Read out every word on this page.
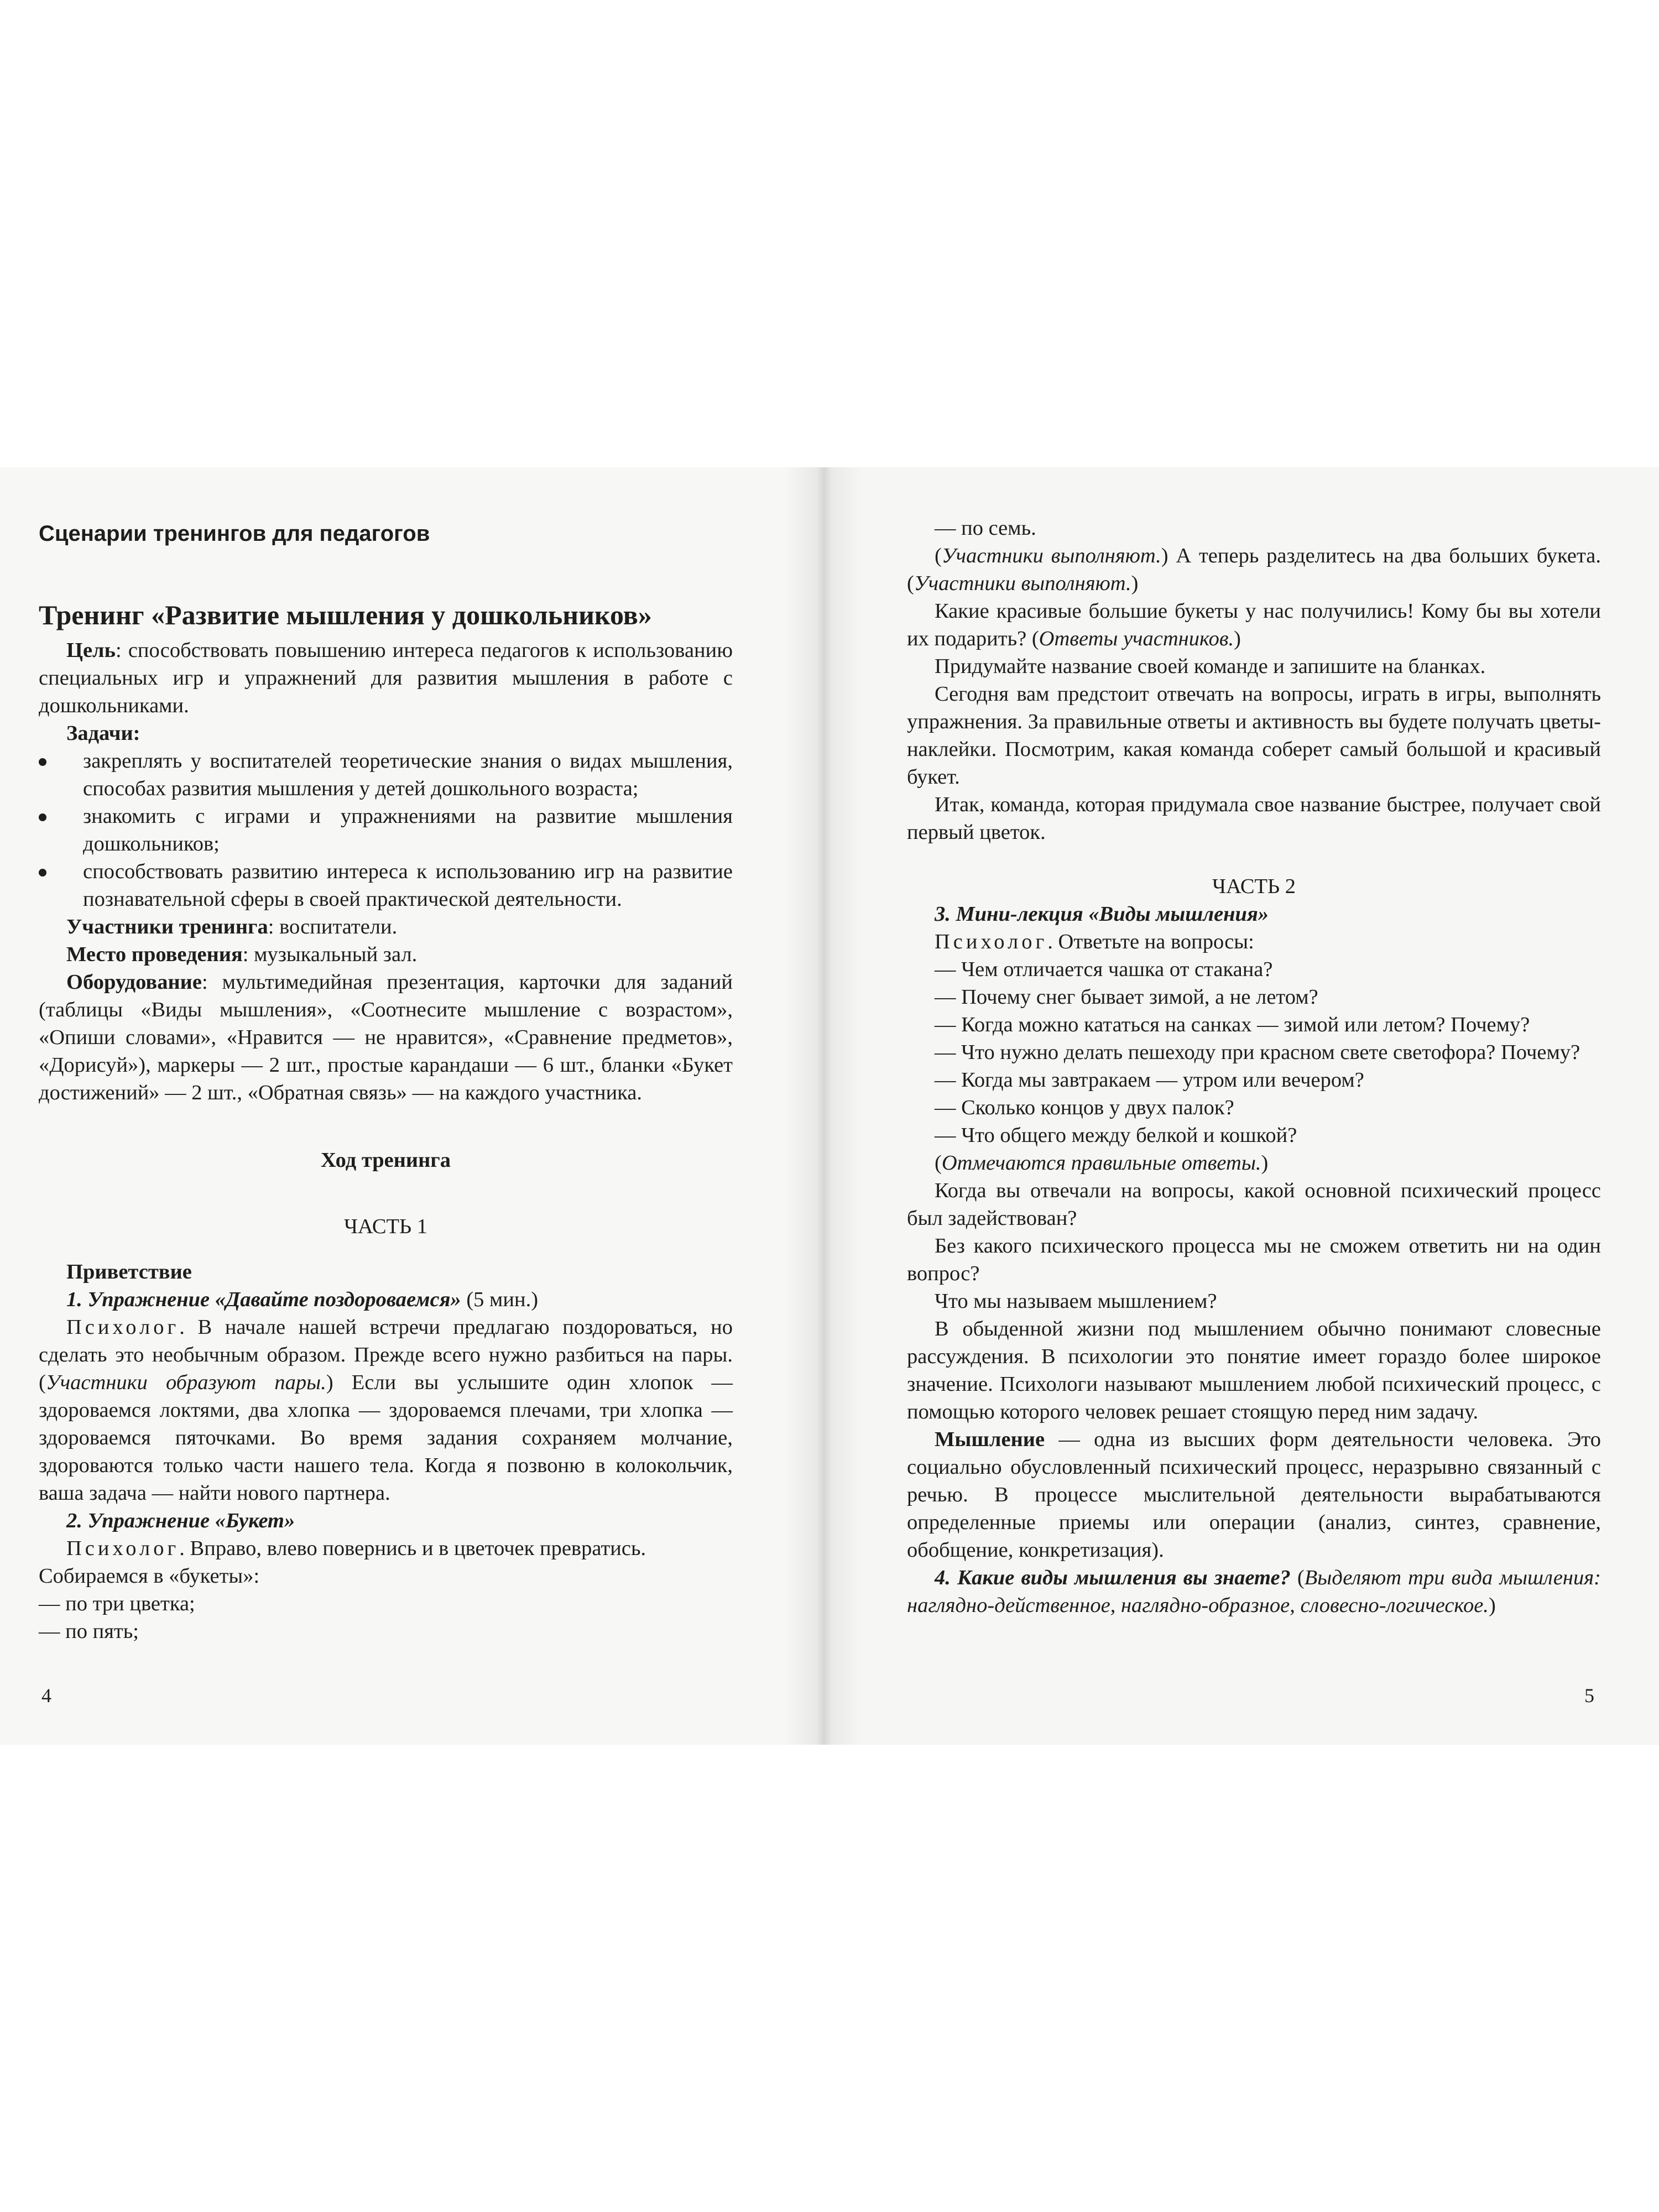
Сценарии тренингов для педагогов

Тренинг «Развитие мышления у дошкольников»

Цель: способствовать повышению интереса педагогов к использованию специальных игр и упражнений для развития мышления в работе с дошкольниками.

Задачи:

закреплять у воспитателей теоретические знания о видах мышления, способах развития мышления у детей дошкольного возраста;
знакомить с играми и упражнениями на развитие мышления дошкольников;
способствовать развитию интереса к использованию игр на развитие познавательной сферы в своей практической деятельности.

Участники тренинга: воспитатели.

Место проведения: музыкальный зал.

Оборудование: мультимедийная презентация, карточки для заданий (таблицы «Виды мышления», «Соотнесите мышление с возрастом», «Опиши словами», «Нравится — не нравится», «Сравнение предметов», «Дорисуй»), маркеры — 2 шт., простые карандаши — 6 шт., бланки «Букет достижений» — 2 шт., «Обратная связь» — на каждого участника.

Ход тренинга

ЧАСТЬ 1

Приветствие

1. Упражнение «Давайте поздороваемся» (5 мин.)

Психолог. В начале нашей встречи предлагаю поздороваться, но сделать это необычным образом. Прежде всего нужно разбиться на пары. (Участники образуют пары.) Если вы услышите один хлопок — здороваемся локтями, два хлопка — здороваемся плечами, три хлопка — здороваемся пяточками. Во время задания сохраняем молчание, здороваются только части нашего тела. Когда я позвоню в колокольчик, ваша задача — найти нового партнера.

2. Упражнение «Букет»

Психолог. Вправо, влево повернись и в цветочек превратись.

Собираемся в «букеты»:

— по три цветка;

— по пять;

4

— по семь.

(Участники выполняют.) А теперь разделитесь на два больших букета. (Участники выполняют.)

Какие красивые большие букеты у нас получились! Кому бы вы хотели их подарить? (Ответы участников.)

Придумайте название своей команде и запишите на бланках.

Сегодня вам предстоит отвечать на вопросы, играть в игры, выполнять упражнения. За правильные ответы и активность вы будете получать цветы-наклейки. Посмотрим, какая команда соберет самый большой и красивый букет.

Итак, команда, которая придумала свое название быстрее, получает свой первый цветок.

ЧАСТЬ 2

3. Мини-лекция «Виды мышления»

Психолог. Ответьте на вопросы:

— Чем отличается чашка от стакана?

— Почему снег бывает зимой, а не летом?

— Когда можно кататься на санках — зимой или летом? Почему?

— Что нужно делать пешеходу при красном свете светофора? Почему?

— Когда мы завтракаем — утром или вечером?

— Сколько концов у двух палок?

— Что общего между белкой и кошкой?

(Отмечаются правильные ответы.)

Когда вы отвечали на вопросы, какой основной психический процесс был задействован?

Без какого психического процесса мы не сможем ответить ни на один вопрос?

Что мы называем мышлением?

В обыденной жизни под мышлением обычно понимают словесные рассуждения. В психологии это понятие имеет гораздо более широкое значение. Психологи называют мышлением любой психический процесс, с помощью которого человек решает стоящую перед ним задачу.

Мышление — одна из высших форм деятельности человека. Это социально обусловленный психический процесс, неразрывно связанный с речью. В процессе мыслительной деятельности вырабатываются определенные приемы или операции (анализ, синтез, сравнение, обобщение, конкретизация).

4. Какие виды мышления вы знаете? (Выделяют три вида мышления: наглядно-действенное, наглядно-образное, словесно-логическое.)

5
